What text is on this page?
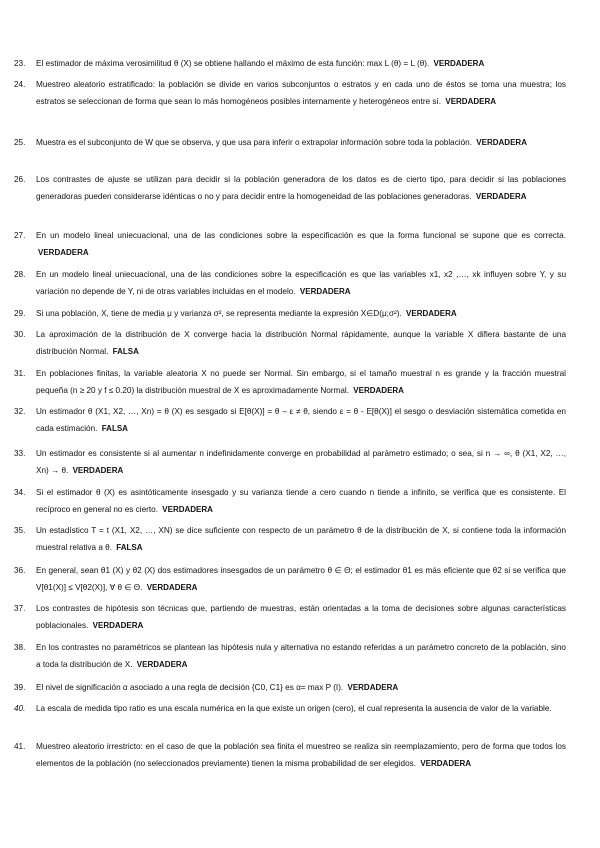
23.	El estimador de máxima verosimilitud θ (X) se obtiene hallando el máximo de esta función: max L (θ) = L (θ). VERDADERA
24.	Muestreo aleatorio estratificado: la población se divide en varios subconjuntos o estratos y en cada uno de éstos se toma una muestra; los estratos se seleccionan de forma que sean lo más homogéneos posibles internamente y heterogéneos entre sí. VERDADERA
25.	Muestra es el subconjunto de W que se observa, y que usa para inferir o extrapolar información sobre toda la población. VERDADERA
26.	Los contrastes de ajuste se utilizan para decidir si la población generadora de los datos es de cierto tipo, para decidir si las poblaciones generadoras pueden considerarse idénticas o no y para decidir entre la homogeneidad de las poblaciones generadoras. VERDADERA
27.	En un modelo lineal uniecuacional, una de las condiciones sobre la especificación es que la forma funcional se supone que es correcta. VERDADERA
28.	En un modelo lineal uniecuacional, una de las condiciones sobre la especificación es que las variables x1, x2 ,…, xk influyen sobre Y, y su variación no depende de Y, ni de otras variables incluidas en el modelo. VERDADERA
29.	Si una población, X, tiene de media μ y varianza σ², se representa mediante la expresión X∈D(μ;σ²). VERDADERA
30.	La aproximación de la distribución de X converge hacia la distribución Normal rápidamente, aunque la variable X difiera bastante de una distribución Normal. FALSA
31.	En poblaciones finitas, la variable aleatoria X no puede ser Normal. Sin embargo, si el tamaño muestral n es grande y la fracción muestral pequeña (n ≥ 20 y f ≤ 0.20) la distribución muestral de X es aproximadamente Normal. VERDADERA
32.	Un estimador θ (X1, X2, …, Xn) = θ (X) es sesgado si E[θ(X)] = θ – ε ≠ θ, siendo ε = θ - E[θ(X)] el sesgo o desviación sistemática cometida en cada estimación. FALSA
33.	Un estimador es consistente si al aumentar n indefinidamente converge en probabilidad al parámetro estimado; o sea, si n → ∞, θ (X1, X2, …, Xn) → θ. VERDADERA
34.	Si el estimador θ (X) es asintóticamente insesgado y su varianza tiende a cero cuando n tiende a infinito, se verifica que es consistente. El recíproco en general no es cierto. VERDADERA
35.	Un estadístico T = t (X1, X2, …, XN) se dice suficiente con respecto de un parámetro θ de la distribución de X, si contiene toda la información muestral relativa a θ. FALSA
36.	En general, sean θ1 (X) y θ2 (X) dos estimadores insesgados de un parámetro θ ∈ Θ; el estimador θ1 es más eficiente que θ2 si se verifica que V[θ1(X)] ≤ V[θ2(X)], ∀ θ ∈ Θ. VERDADERA
37.	Los contrastes de hipótesis son técnicas que, partiendo de muestras, están orientadas a la toma de decisiones sobre algunas características poblacionales. VERDADERA
38.	En los contrastes no paramétricos se plantean las hipótesis nula y alternativa no estando referidas a un parámetro concreto de la población, sino a toda la distribución de X. VERDADERA
39.	El nivel de significación α asociado a una regla de decisión {C0, C1} es α= max P (I). VERDADERA
40.	La escala de medida tipo ratio es una escala numérica en la que existe un origen (cero), el cual representa la ausencia de valor de la variable.
41.	Muestreo aleatorio irrestricto: en el caso de que la población sea finita el muestreo se realiza sin reemplazamiento, pero de forma que todos los elementos de la población (no seleccionados previamente) tienen la misma probabilidad de ser elegidos. VERDADERA
